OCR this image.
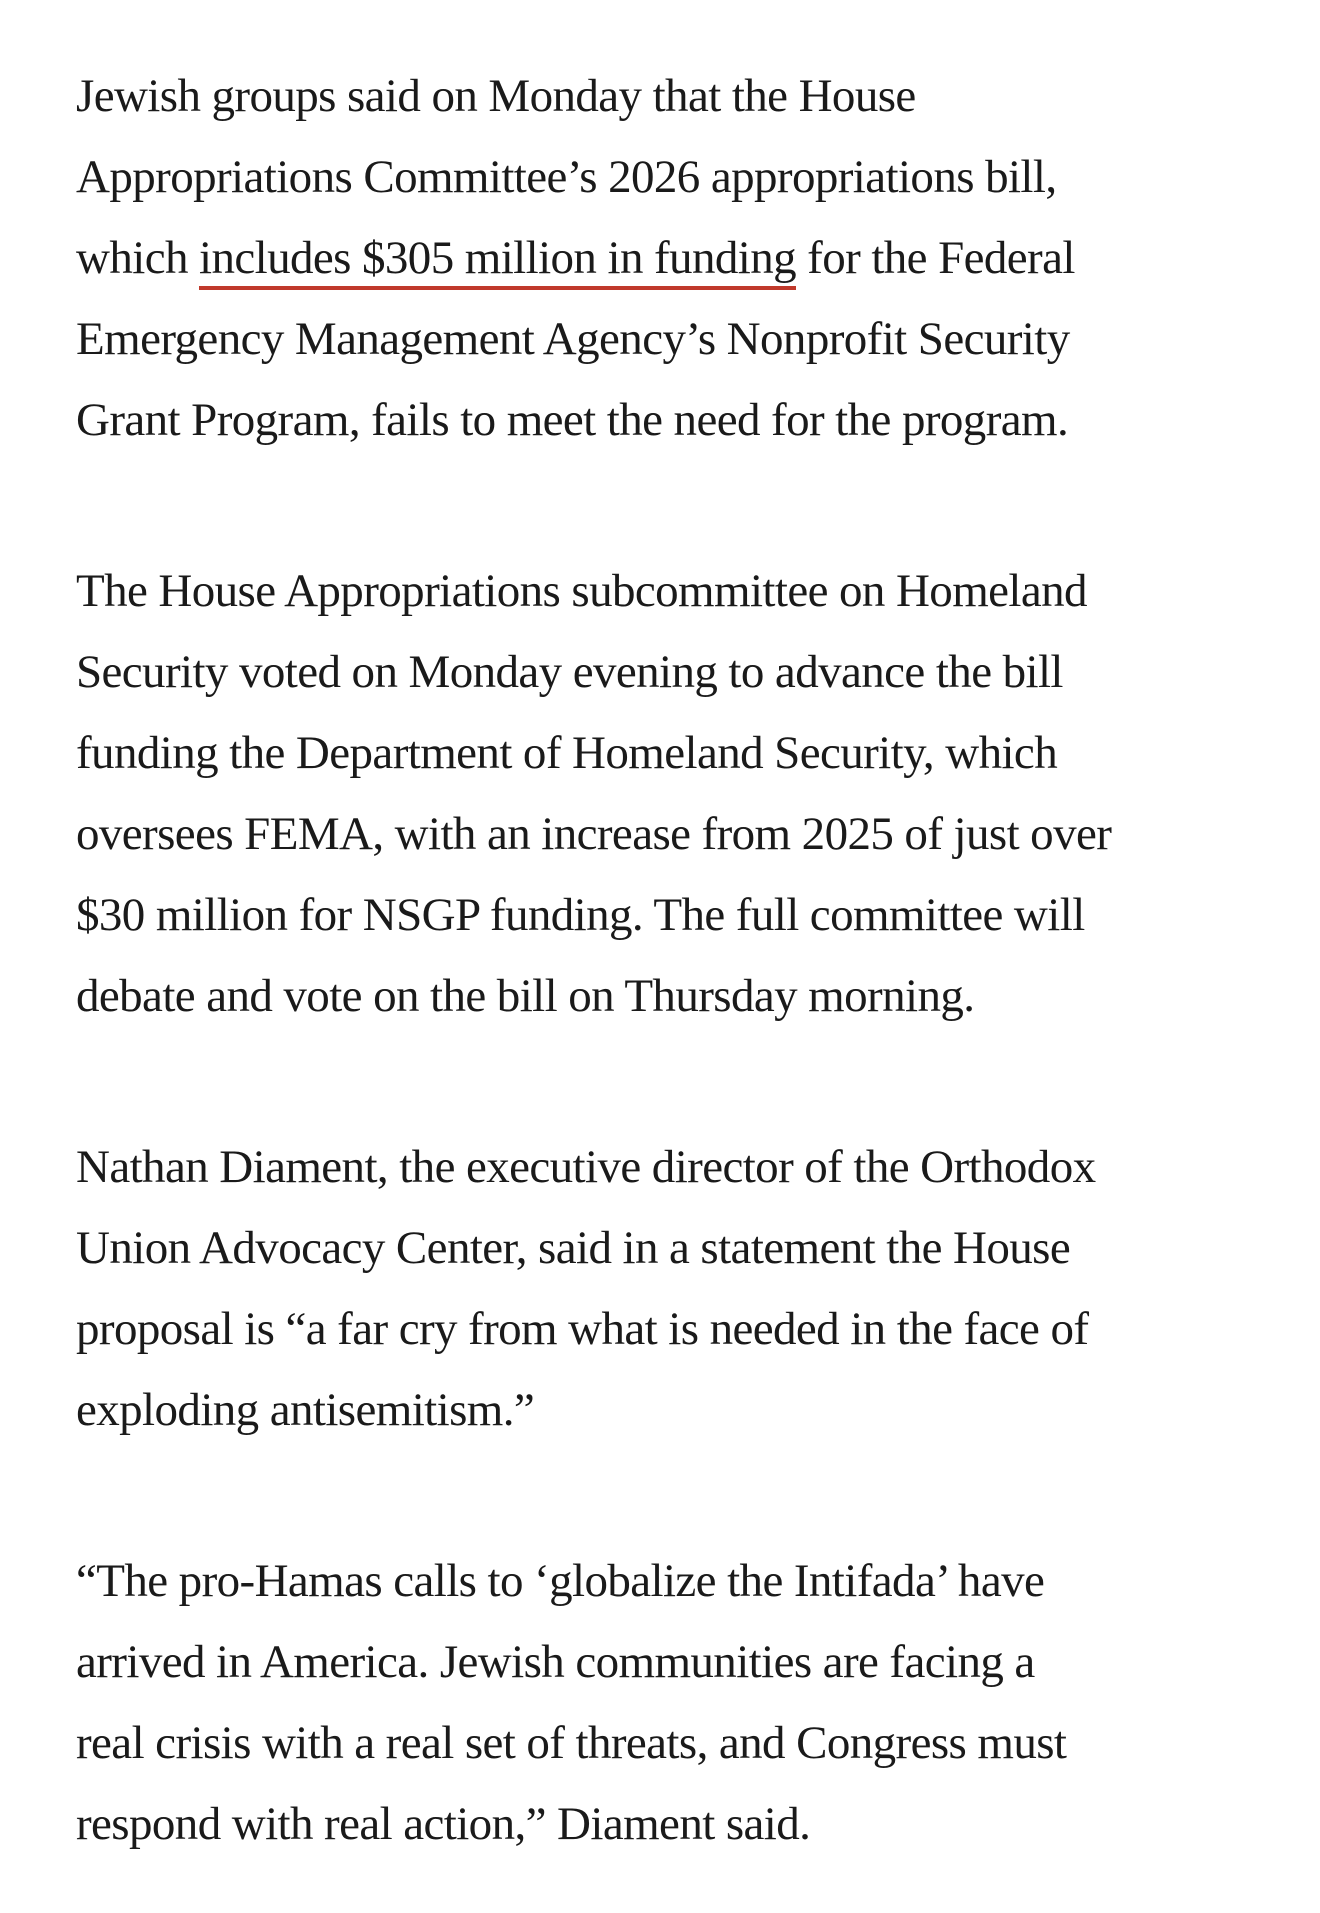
Jewish groups said on Monday that the House
Appropriations Committee’s 2026 appropriations bill,
which includes $305 million in funding for the Federal
Emergency Management Agency’s Nonprofit Security
Grant Program, fails to meet the need for the program.

The House Appropriations subcommittee on Homeland
Security voted on Monday evening to advance the bill
funding the Department of Homeland Security, which
oversees FEMA, with an increase from 2025 of just over
$30 million for NSGP funding. The full committee will
debate and vote on the bill on Thursday morning.

Nathan Diament, the executive director of the Orthodox
Union Advocacy Center, said in a statement the House
proposal is “a far cry from what is needed in the face of
exploding antisemitism.”

“The pro-Hamas calls to ‘globalize the Intifada’ have
arrived in America. Jewish communities are facing a
real crisis with a real set of threats, and Congress must
respond with real action,” Diament said.
